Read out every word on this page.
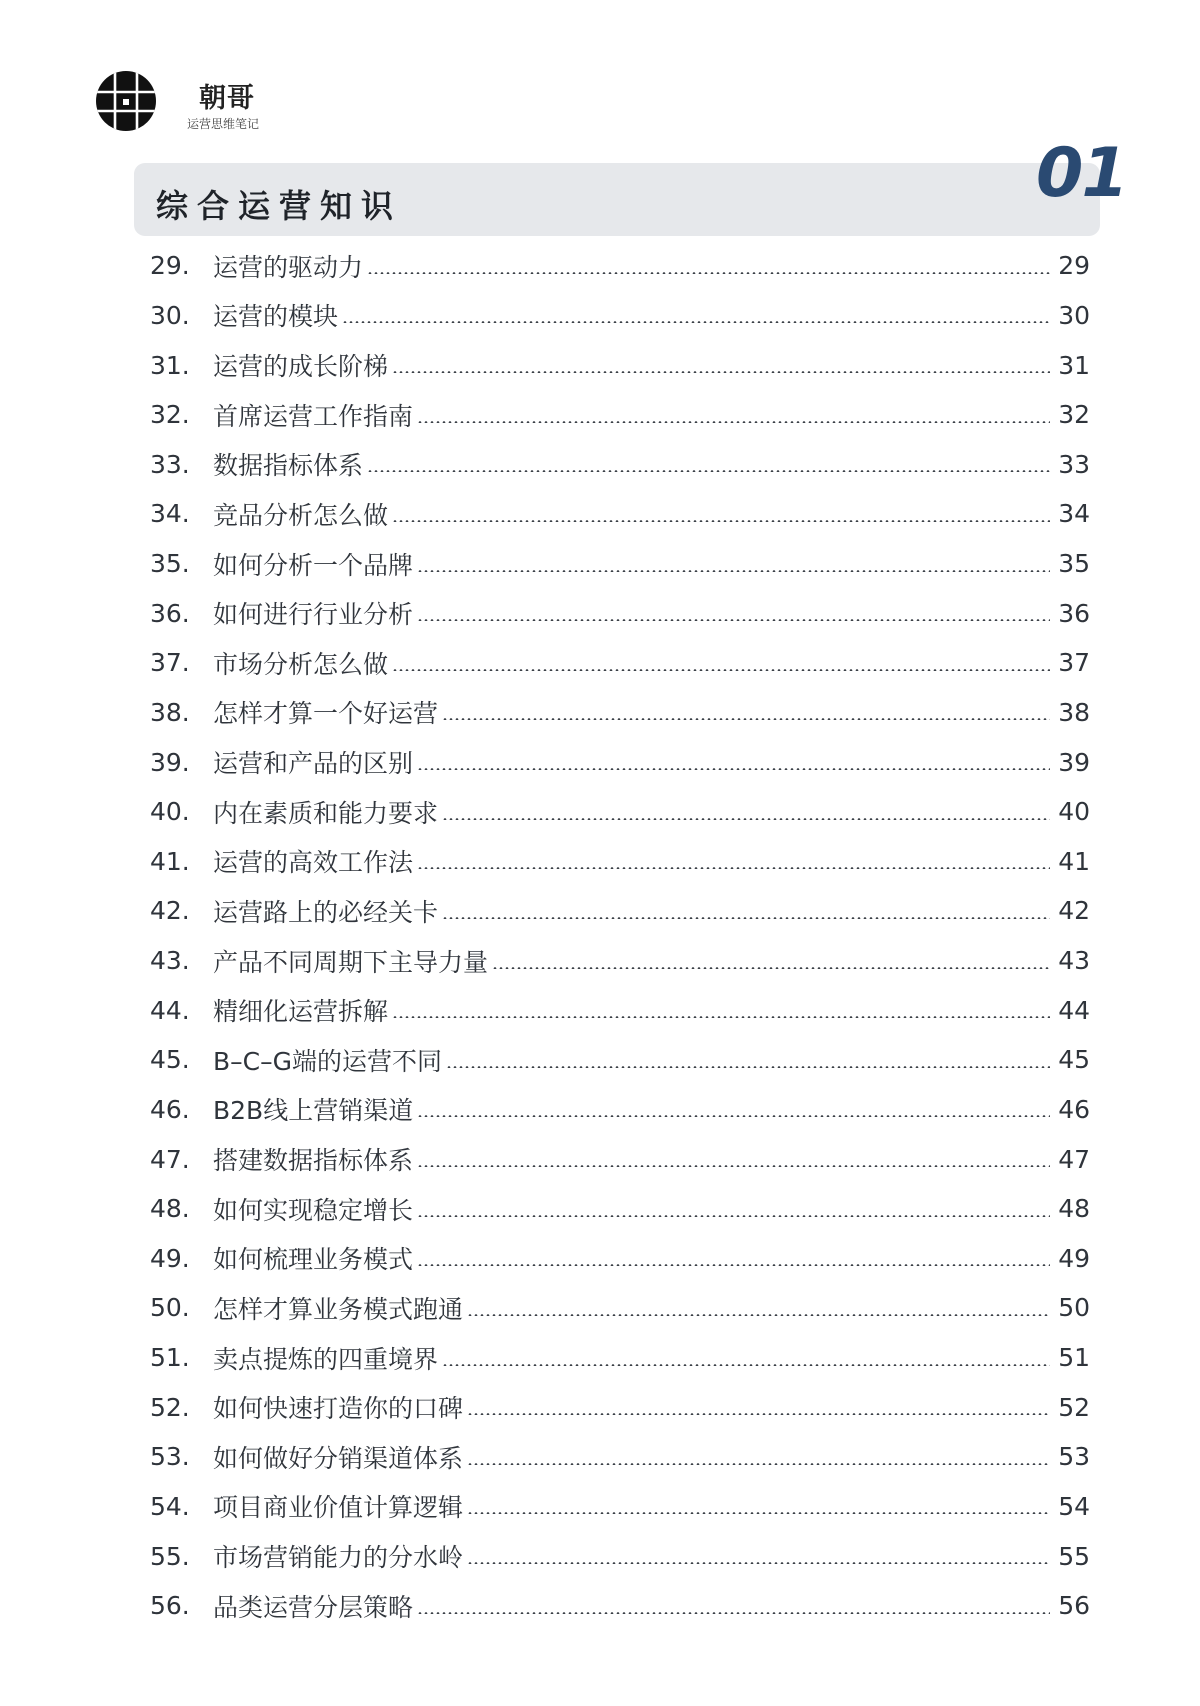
朝哥
运营思维笔记
综合运营知识	01
29. 运营的驱动力	29
30. 运营的模块	30
31. 运营的成长阶梯	31
32. 首席运营工作指南	32
33. 数据指标体系	33
34. 竞品分析怎么做	34
35. 如何分析一个品牌	35
36. 如何进行行业分析	36
37. 市场分析怎么做	37
38. 怎样才算一个好运营	38
39. 运营和产品的区别	39
40. 内在素质和能力要求	40
41. 运营的高效工作法	41
42. 运营路上的必经关卡	42
43. 产品不同周期下主导力量	43
44. 精细化运营拆解	44
45. B–C–G端的运营不同	45
46. B2B线上营销渠道	46
47. 搭建数据指标体系	47
48. 如何实现稳定增长	48
49. 如何梳理业务模式	49
50. 怎样才算业务模式跑通	50
51. 卖点提炼的四重境界	51
52. 如何快速打造你的口碑	52
53. 如何做好分销渠道体系	53
54. 项目商业价值计算逻辑	54
55. 市场营销能力的分水岭	55
56. 品类运营分层策略	56
